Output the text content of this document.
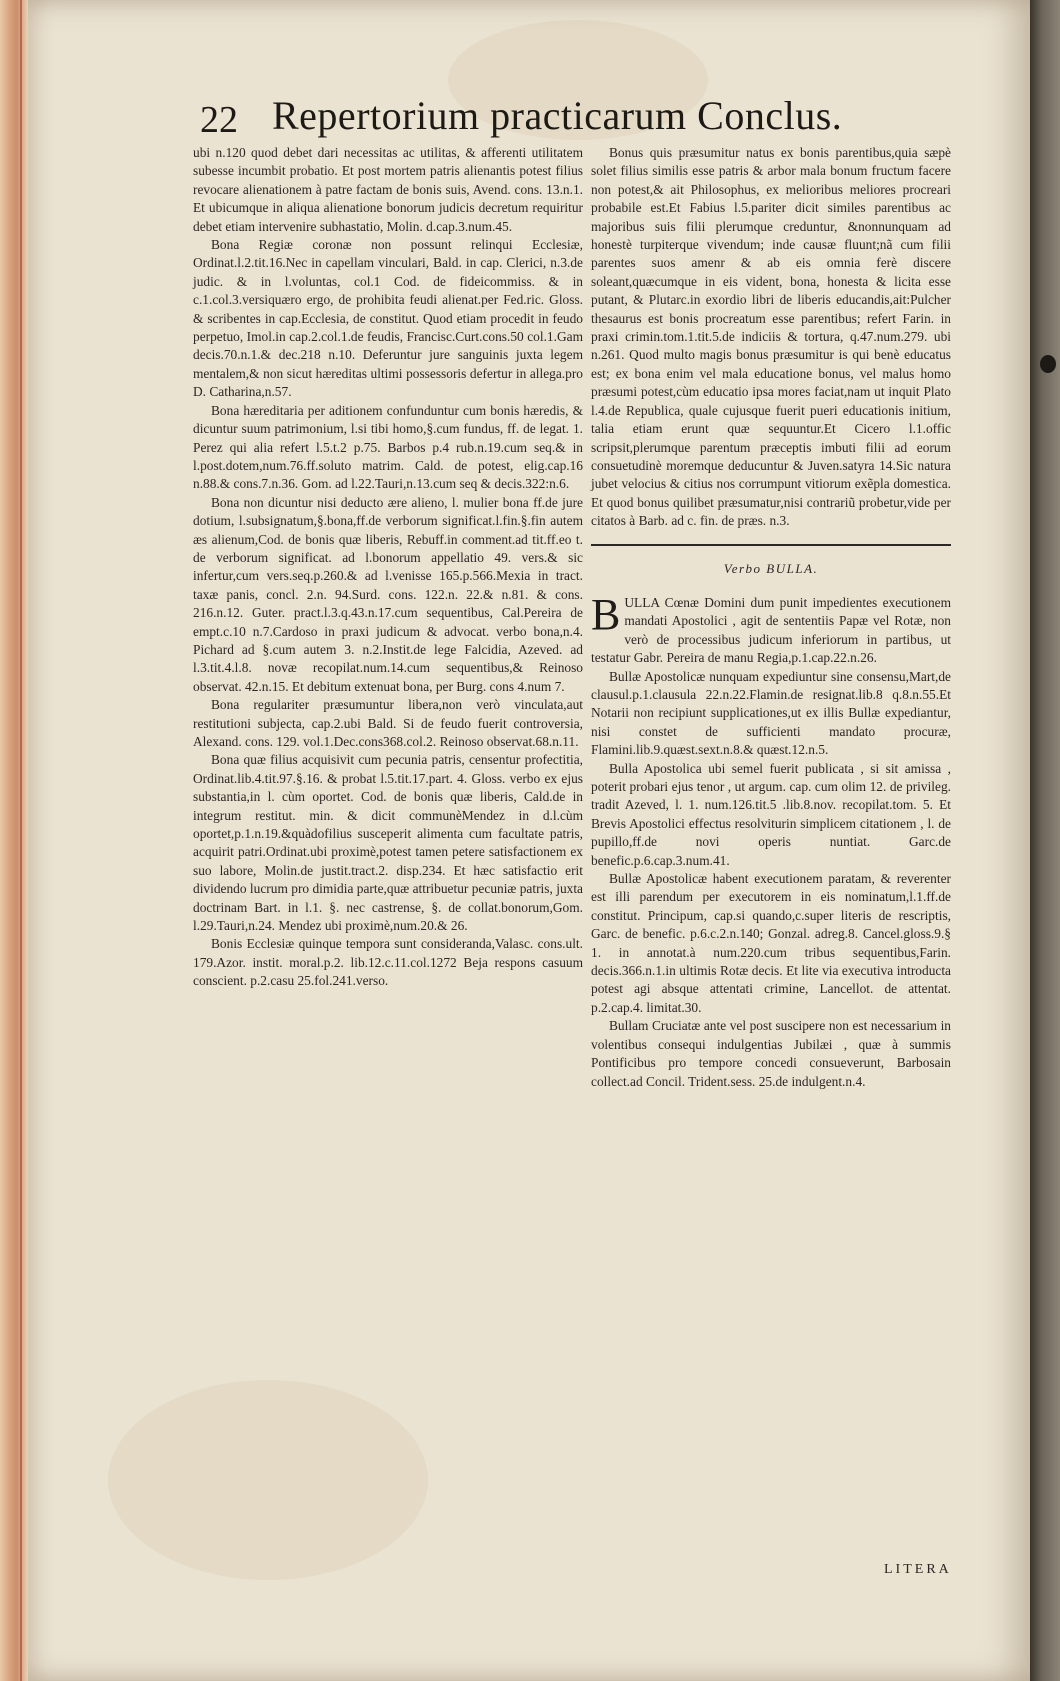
22 Repertorium practicarum Conclus.

ubi n.120 quod debet dari necessitas ac utilitas, & afferenti utilitatem subesse incumbit probatio. Et post mortem patris alienantis potest filius revocare alienationem à patre factam de bonis suis, Avend. cons. 13.n.1. Et ubicumque in aliqua alienatione bonorum judicis decretum requiritur debet etiam intervenire subhastatio, Molin. d.cap.3.num.45.

Bona Regiæ coronæ non possunt relinqui Ecclesiæ, Ordinat.l.2.tit.16.Nec in capellam vinculari, Bald. in cap. Clerici, n.3.de judic. & in l.voluntas, col.1 Cod. de fideicommiss. & in c.1.col.3.versiquæro ergo, de prohibita feudi alienat.per Fed.ric. Gloss. & scribentes in cap.Ecclesia, de constitut. Quod etiam procedit in feudo perpetuo, Imol.in cap.2.col.1.de feudis, Francisc.Curt.cons.50 col.1.Gam decis.70.n.1.& dec.218 n.10. Deferuntur jure sanguinis juxta legem mentalem,& non sicut hæreditas ultimi possessoris defertur in allega.pro D. Catharina,n.57.

Bona hæreditaria per aditionem confunduntur cum bonis hæredis, & dicuntur suum patrimonium, l.si tibi homo,§.cum fundus, ff. de legat. 1. Perez qui alia refert l.5.t.2 p.75. Barbos p.4 rub.n.19.cum seq.& in l.post.dotem,num.76.ff.soluto matrim. Cald. de potest, elig.cap.16 n.88.& cons.7.n.36. Gom. ad l.22.Tauri,n.13.cum seq & decis.322:n.6.

Bona non dicuntur nisi deducto ære alieno, l. mulier bona ff.de jure dotium, l.subsignatum,§.bona,ff.de verborum significat.l.fin.§.fin autem æs alienum,Cod. de bonis quæ liberis, Rebuff.in comment.ad tit.ff.eo t. de verborum significat. ad l.bonorum appellatio 49. vers.& sic infertur,cum vers.seq.p.260.& ad l.venisse 165.p.566.Mexia in tract. taxæ panis, concl. 2.n. 94.Surd. cons. 122.n. 22.& n.81. & cons. 216.n.12. Guter. pract.l.3.q.43.n.17.cum sequentibus, Cal.Pereira de empt.c.10 n.7.Cardoso in praxi judicum & advocat. verbo bona,n.4. Pichard ad §.cum autem 3. n.2.Instit.de lege Falcidia, Azeved. ad l.3.tit.4.l.8. novæ recopilat.num.14.cum sequentibus,& Reinoso observat. 42.n.15. Et debitum extenuat bona, per Burg. cons 4.num 7.

Bona regulariter præsumuntur libera,non verò vinculata,aut restitutioni subjecta, cap.2.ubi Bald. Si de feudo fuerit controversia, Alexand. cons. 129. vol.1.Dec.cons368.col.2. Reinoso observat.68.n.11.

Bona quæ filius acquisivit cum pecunia patris, censentur profectitia, Ordinat.lib.4.tit.97.§.16. & probat l.5.tit.17.part. 4. Gloss. verbo ex ejus substantia,in l. cùm oportet. Cod. de bonis quæ liberis, Cald.de in integrum restitut. min. & dicit communèMendez in d.l.cùm oportet,p.1.n.19.&quàdofilius susceperit alimenta cum facultate patris, acquirit patri.Ordinat.ubi proximè,potest tamen petere satisfactionem ex suo labore, Molin.de justit.tract.2. disp.234. Et hæc satisfactio erit dividendo lucrum pro dimidia parte,quæ attribuetur pecuniæ patris, juxta doctrinam Bart. in l.1. §. nec castrense, §. de collat.bonorum,Gom. l.29.Tauri,n.24. Mendez ubi proximè,num.20.& 26.

Bonis Ecclesiæ quinque tempora sunt consideranda,Valasc. cons.ult. 179.Azor. instit. moral.p.2. lib.12.c.11.col.1272 Beja respons casuum conscient. p.2.casu 25.fol.241.verso.

Bonus quis præsumitur natus ex bonis parentibus,quia sæpè solet filius similis esse patris & arbor mala bonum fructum facere non potest,& ait Philosophus, ex melioribus meliores procreari probabile est.Et Fabius l.5.pariter dicit similes parentibus ac majoribus suis filii plerumque creduntur, &nonnunquam ad honestè turpiterque vivendum; inde causæ fluunt;nã cum filii parentes suos amenr & ab eis omnia ferè discere soleant,quæcumque in eis vident, bona, honesta & licita esse putant, & Plutarc.in exordio libri de liberis educandis,ait:Pulcher thesaurus est bonis procreatum esse parentibus; refert Farin. in praxi crimin.tom.1.tit.5.de indiciis & tortura, q.47.num.279. ubi n.261. Quod multo magis bonus præsumitur is qui benè educatus est; ex bona enim vel mala educatione bonus, vel malus homo præsumi potest,cùm educatio ipsa mores faciat,nam ut inquit Plato l.4.de Republica, quale cujusque fuerit pueri educationis initium, talia etiam erunt quæ sequuntur.Et Cicero l.1.offic scripsit,plerumque parentum præceptis imbuti filii ad eorum consuetudinè moremque deducuntur & Juven.satyra 14.Sic natura jubet velocius & citius nos corrumpunt vitiorum exẽpla domestica. Et quod bonus quilibet præsumatur,nisi contrariũ probetur,vide per citatos à Barb. ad c. fin. de præs. n.3.

Verbo BULLA.

BULLA Cœnæ Domini dum punit impedientes executionem mandati Apostolici , agit de sententiis Papæ vel Rotæ, non verò de processibus judicum inferiorum in partibus, ut testatur Gabr. Pereira de manu Regia,p.1.cap.22.n.26.

Bullæ Apostolicæ nunquam expediuntur sine consensu,Mart,de clausul.p.1.clausula 22.n.22.Flamin.de resignat.lib.8 q.8.n.55.Et Notarii non recipiunt supplicationes,ut ex illis Bullæ expediantur, nisi constet de sufficienti mandato procuræ, Flamini.lib.9.quæst.sext.n.8.& quæst.12.n.5.

Bulla Apostolica ubi semel fuerit publicata , si sit amissa , poterit probari ejus tenor , ut argum. cap. cum olim 12. de privileg. tradit Azeved, l. 1. num.126.tit.5 .lib.8.nov. recopilat.tom. 5. Et Brevis Apostolici effectus resolviturin simplicem citationem , l. de pupillo,ff.de novi operis nuntiat. Garc.de benefic.p.6.cap.3.num.41.

Bullæ Apostolicæ habent executionem paratam, & reverenter est illi parendum per executorem in eis nominatum,l.1.ff.de constitut. Principum, cap.si quando,c.super literis de rescriptis, Garc. de benefic. p.6.c.2.n.140; Gonzal. adreg.8. Cancel.gloss.9.§ 1. in annotat.à num.220.cum tribus sequentibus,Farin. decis.366.n.1.in ultimis Rotæ decis. Et lite via executiva introducta potest agi absque attentati crimine, Lancellot. de attentat. p.2.cap.4. limitat.30.

Bullam Cruciatæ ante vel post suscipere non est necessarium in volentibus consequi indulgentias Jubilæi , quæ à summis Pontificibus pro tempore concedi consueverunt, Barbosain collect.ad Concil. Trident.sess. 25.de indulgent.n.4.

LITERA
